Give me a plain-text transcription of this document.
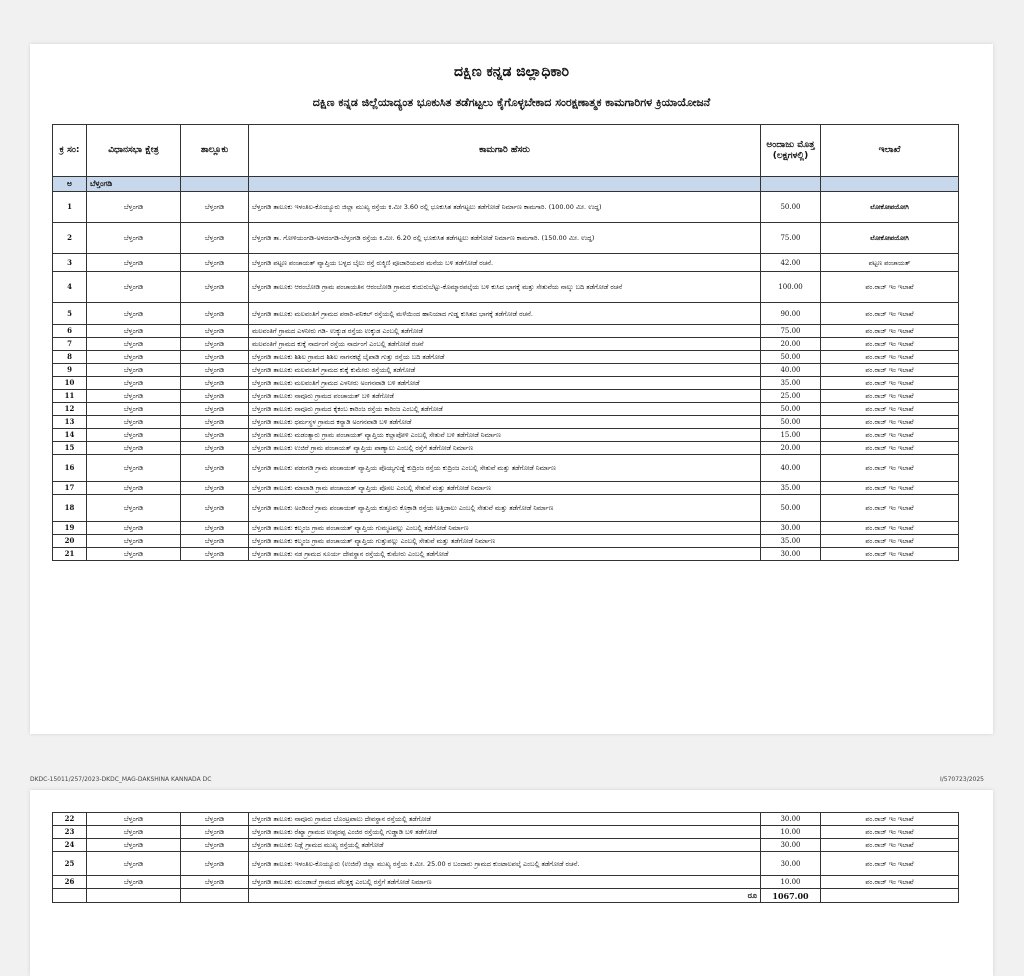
ದಕ್ಷಿಣ ಕನ್ನಡ ಜಿಲ್ಲಾಧಿಕಾರಿ
ದಕ್ಷಿಣ ಕನ್ನಡ ಜಿಲ್ಲೆಯಾದ್ಯಂತ ಭೂಕುಸಿತ ತಡೆಗಟ್ಟಲು ಕೈಗೊಳ್ಳಬೇಕಾದ ಸಂರಕ್ಷಣಾತ್ಮಕ ಕಾಮಗಾರಿಗಳ ಕ್ರಿಯಾಯೋಜನೆ
ಕ್ರ ಸಂ:	ವಿಧಾನಸಭಾ ಕ್ಷೇತ್ರ	ತಾಲ್ಲೂಕು	ಕಾಮಗಾರಿ ಹೆಸರು	ಅಂದಾಜು ಮೊತ್ತ (ಲಕ್ಷಗಳಲ್ಲಿ)	ಇಲಾಖೆ
ಅ	ಬೆಳ್ತಂಗಡಿ				
1	ಬೆಳ್ತಂಗಡಿ	ಬೆಳ್ತಂಗಡಿ	ಬೆಳ್ತಂಗಡಿ ತಾಲೂಕು ಇಳಂತಿಲ-ಕೊಯ್ಯೂರು ಜಿಲ್ಲಾ ಮುಖ್ಯ ರಸ್ತೆಯ ಕಿ.ಮೀ 3.60 ರಲ್ಲಿ ಭೂಕುಸಿತ ತಡೆಗಟ್ಟಲು ತಡೆಗೋಡೆ ನಿರ್ಮಾಣ ಕಾಮಗಾರಿ. (100.00 ಮೀ. ಉದ್ದ)	50.00	ಲೋಕೋಪಯೋಗಿ
2	ಬೆಳ್ತಂಗಡಿ	ಬೆಳ್ತಂಗಡಿ	ಬೆಳ್ತಂಗಡಿ ತಾ. ಗೋಳಿಯಂಗಡಿ-ಅಳದಂಗಡಿ-ಬೆಳ್ತಂಗಡಿ ರಸ್ತೆಯ ಕಿ.ಮೀ. 6.20 ರಲ್ಲಿ ಭೂಕುಸಿತ ತಡೆಗಟ್ಟಲು ತಡೆಗೋಡೆ ನಿರ್ಮಾಣ ಕಾಮಗಾರಿ. (150.00 ಮೀ. ಉದ್ದ)	75.00	ಲೋಕೋಪಯೋಗಿ
3	ಬೆಳ್ತಂಗಡಿ	ಬೆಳ್ತಂಗಡಿ	ಬೆಳ್ತಂಗಡಿ ಪಟ್ಟಣ ಪಂಚಾಯತ್ ವ್ಯಾಪ್ತಿಯ ಬಳ್ಳದ ಬೈಲು ರಸ್ತೆ ರುಕ್ಮಿಣಿ ಪೂಜಾರಿಯವರ ಮನೆಯ ಬಳಿ ತಡೆಗೋಡೆ ರಚನೆ.	42.00	ಪಟ್ಟಣ ಪಂಚಾಯತ್
4	ಬೆಳ್ತಂಗಡಿ	ಬೆಳ್ತಂಗಡಿ	ಬೆಳ್ತಂಗಡಿ ತಾಲೂಕು ಆರಂಬೋಡಿ ಗ್ರಾಮ ಪಂಚಾಯತಿನ ಆರಂಬೋಡಿ ಗ್ರಾಮದ ಕುದುರುಬೆಟ್ಟು-ಕೊಮ್ಮಾರಪಲ್ಕೆಯ ಬಳಿ ಕುಸಿದ ಭಾಗಕ್ಕೆ ಮತ್ತು ಸೇತುವೆಯ ನಾಲ್ಕು ಬದಿ ತಡೆಗೋಡೆ ರಚನೆ	100.00	ಪಂ.ರಾಜ್ ಇಂ ಇಲಾಖೆ
5	ಬೆಳ್ತಂಗಡಿ	ಬೆಳ್ತಂಗಡಿ	ಬೆಳ್ತಂಗಡಿ ತಾಲೂಕು ಮಲವಂತಿಗೆ ಗ್ರಾಮದ ಪರಾರಿ-ಪನಿಕಲ್ ರಸ್ತೆಯಲ್ಲಿ ಮಳೆಯಿಂದ ಹಾನಿಯಾದ ಗುಡ್ಡ ಕುಸಿತದ ಭಾಗಕ್ಕೆ ತಡೆಗೋಡೆ ರಚನೆ.	90.00	ಪಂ.ರಾಜ್ ಇಂ ಇಲಾಖೆ
6	ಬೆಳ್ತಂಗಡಿ	ಬೆಳ್ತಂಗಡಿ	ಮಲವಂತಿಗೆ ಗ್ರಾಮದ ಎಳನೀರು ಗಡಿ- ಉಕ್ಕುಡ ರಸ್ತೆಯ ಉಕ್ಕುಡ ಎಂಬಲ್ಲಿ ತಡೆಗೋಡೆ	75.00	ಪಂ.ರಾಜ್ ಇಂ ಇಲಾಖೆ
7	ಬೆಳ್ತಂಗಡಿ	ಬೆಳ್ತಂಗಡಿ	ಮಲವಂತಿಗೆ ಗ್ರಾಮದ ಕುಕ್ಕೆ ನಾರ್ದಂಗೆ ರಸ್ತೆಯ ನಾರ್ದಂಗೆ ಎಂಬಲ್ಲಿ ತಡೆಗೋಡೆ ರಚನೆ	20.00	ಪಂ.ರಾಜ್ ಇಂ ಇಲಾಖೆ
8	ಬೆಳ್ತಂಗಡಿ	ಬೆಳ್ತಂಗಡಿ	ಬೆಳ್ತಂಗಡಿ ತಾಲೂಕು ಶಿಶಿಲ ಗ್ರಾಮದ ಶಿಶಿಲ ನಾಗನಕಟ್ಟೆ ಬೈಪಾಡಿ ಗುತ್ತು ರಸ್ತೆಯ ಬದಿ ತಡೆಗೋಡೆ	50.00	ಪಂ.ರಾಜ್ ಇಂ ಇಲಾಖೆ
9	ಬೆಳ್ತಂಗಡಿ	ಬೆಳ್ತಂಗಡಿ	ಬೆಳ್ತಂಗಡಿ ತಾಲೂಕು ಮಲವಂತಿಗೆ ಗ್ರಾಮದ ಕುಕ್ಕೆ ಕುಮೇರು ರಸ್ತೆಯಲ್ಲಿ ತಡೆಗೋಡೆ	40.00	ಪಂ.ರಾಜ್ ಇಂ ಇಲಾಖೆ
10	ಬೆಳ್ತಂಗಡಿ	ಬೆಳ್ತಂಗಡಿ	ಬೆಳ್ತಂಗಡಿ ತಾಲೂಕು ಮಲವಂತಿಗೆ ಗ್ರಾಮದ ಎಳನೀರು ಅಂಗನವಾಡಿ ಬಳಿ ತಡೆಗೋಡೆ	35.00	ಪಂ.ರಾಜ್ ಇಂ ಇಲಾಖೆ
11	ಬೆಳ್ತಂಗಡಿ	ಬೆಳ್ತಂಗಡಿ	ಬೆಳ್ತಂಗಡಿ ತಾಲೂಕು ನಾವೂರು ಗ್ರಾಮದ ಪಂಚಾಯತ್ ಬಳಿ ತಡೆಗೋಡೆ	25.00	ಪಂ.ರಾಜ್ ಇಂ ಇಲಾಖೆ
12	ಬೆಳ್ತಂಗಡಿ	ಬೆಳ್ತಂಗಡಿ	ಬೆಳ್ತಂಗಡಿ ತಾಲೂಕು ನಾವೂರು ಗ್ರಾಮದ ಕೈಕಂಬ ಕಾರಿಂಜ ರಸ್ತೆಯ ಕಾರಿಂಜ ಎಂಬಲ್ಲಿ ತಡೆಗೋಡೆ	50.00	ಪಂ.ರಾಜ್ ಇಂ ಇಲಾಖೆ
13	ಬೆಳ್ತಂಗಡಿ	ಬೆಳ್ತಂಗಡಿ	ಬೆಳ್ತಂಗಡಿ ತಾಲೂಕು ಧರ್ಮಸ್ಥಳ ಗ್ರಾಮದ ಕನ್ಯಾಡಿ ಅಂಗನವಾಡಿ ಬಳಿ ತಡೆಗೋಡೆ	50.00	ಪಂ.ರಾಜ್ ಇಂ ಇಲಾಖೆ
14	ಬೆಳ್ತಂಗಡಿ	ಬೆಳ್ತಂಗಡಿ	ಬೆಳ್ತಂಗಡಿ ತಾಲೂಕು ಮಡಂತ್ಯಾರು ಗ್ರಾಮ ಪಂಚಾಯತ್ ವ್ಯಾಪ್ತಿಯ ಕಲ್ಲಾಪೋಳಿ ಎಂಬಲ್ಲಿ ಸೇತುವೆ ಬಳಿ ತಡೆಗೋಡೆ ನಿರ್ಮಾಣ	15.00	ಪಂ.ರಾಜ್ ಇಂ ಇಲಾಖೆ
15	ಬೆಳ್ತಂಗಡಿ	ಬೆಳ್ತಂಗಡಿ	ಬೆಳ್ತಂಗಡಿ ತಾಲೂಕು ಉಜಿರೆ ಗ್ರಾಮ ಪಂಚಾಯತ್ ವ್ಯಾಪ್ತಿಯ ಪಾಣ್ಯಾಲು ಎಂಬಲ್ಲಿ ರಸ್ತೆಗೆ ತಡೆಗೋಡೆ ನಿರ್ಮಾಣ	20.00	ಪಂ.ರಾಜ್ ಇಂ ಇಲಾಖೆ
16	ಬೆಳ್ತಂಗಡಿ	ಬೆಳ್ತಂಗಡಿ	ಬೆಳ್ತಂಗಡಿ ತಾಲೂಕು ಪಡಂಗಡಿ ಗ್ರಾಮ ಪಂಚಾಯತ್ ವ್ಯಾಪ್ತಿಯ ಪೊಯ್ಯಗುಡ್ಡೆ ಕುದ್ರಿಂಜ ರಸ್ತೆಯ ಕುದ್ರಿಂಜ ಎಂಬಲ್ಲಿ ಸೇತುವೆ ಮತ್ತು ತಡೆಗೋಡೆ ನಿರ್ಮಾಣ	40.00	ಪಂ.ರಾಜ್ ಇಂ ಇಲಾಖೆ
17	ಬೆಳ್ತಂಗಡಿ	ಬೆಳ್ತಂಗಡಿ	ಬೆಳ್ತಂಗಡಿ ತಾಲೂಕು ಮಾಲಾಡಿ ಗ್ರಾಮ ಪಂಚಾಯತ್ ವ್ಯಾಪ್ತಿಯ ಪೊಸಲ ಎಂಬಲ್ಲಿ ಸೇತುವೆ ಮತ್ತು ತಡೆಗೋಡೆ ನಿರ್ಮಾಣ	35.00	ಪಂ.ರಾಜ್ ಇಂ ಇಲಾಖೆ
18	ಬೆಳ್ತಂಗಡಿ	ಬೆಳ್ತಂಗಡಿ	ಬೆಳ್ತಂಗಡಿ ತಾಲೂಕು ಅಂಡಿಂಜೆ ಗ್ರಾಮ ಪಂಚಾಯತ್ ವ್ಯಾಪ್ತಿಯ ಕುತ್ತೂರು ಕೊಕ್ರಾಡಿ ರಸ್ತೆಯ ಅತ್ತಿಜಾಲು ಎಂಬಲ್ಲಿ ಸೇತುವೆ ಮತ್ತು ತಡೆಗೋಡೆ ನಿರ್ಮಾಣ	50.00	ಪಂ.ರಾಜ್ ಇಂ ಇಲಾಖೆ
19	ಬೆಳ್ತಂಗಡಿ	ಬೆಳ್ತಂಗಡಿ	ಬೆಳ್ತಂಗಡಿ ತಾಲೂಕು ಕಲ್ಮಂಜ ಗ್ರಾಮ ಪಂಚಾಯತ್ ವ್ಯಾಪ್ತಿಯ ಗುಮ್ಮಟಪಲ್ಲು ಎಂಬಲ್ಲಿ ತಡೆಗೋಡೆ ನಿರ್ಮಾಣ	30.00	ಪಂ.ರಾಜ್ ಇಂ ಇಲಾಖೆ
20	ಬೆಳ್ತಂಗಡಿ	ಬೆಳ್ತಂಗಡಿ	ಬೆಳ್ತಂಗಡಿ ತಾಲೂಕು ಕಲ್ಮಂಜ ಗ್ರಾಮ ಪಂಚಾಯತ್ ವ್ಯಾಪ್ತಿಯ ಗುತ್ತುಪಲ್ಲು ಎಂಬಲ್ಲಿ ಸೇತುವೆ ಮತ್ತು ತಡೆಗೋಡೆ ನಿರ್ಮಾಣ	35.00	ಪಂ.ರಾಜ್ ಇಂ ಇಲಾಖೆ
21	ಬೆಳ್ತಂಗಡಿ	ಬೆಳ್ತಂಗಡಿ	ಬೆಳ್ತಂಗಡಿ ತಾಲೂಕು ನಡ ಗ್ರಾಮದ ಸೂರ್ಯ ದೇವಸ್ಥಾನ ರಸ್ತೆಯಲ್ಲಿ ಕುಮೇರು ಎಂಬಲ್ಲಿ ತಡೆಗೋಡೆ	30.00	ಪಂ.ರಾಜ್ ಇಂ ಇಲಾಖೆ
DKDC-15011/257/2023-DKDC_MAG-DAKSHINA KANNADA DC	I/570723/2025
22	ಬೆಳ್ತಂಗಡಿ	ಬೆಳ್ತಂಗಡಿ	ಬೆಳ್ತಂಗಡಿ ತಾಲೂಕು ನಾವೂರು ಗ್ರಾಮದ ಬೊಂಟ್ರಪಾಲು ದೇವಸ್ಥಾನ ರಸ್ತೆಯಲ್ಲಿ ತಡೆಗೋಡೆ	30.00	ಪಂ.ರಾಜ್ ಇಂ ಇಲಾಖೆ
23	ಬೆಳ್ತಂಗಡಿ	ಬೆಳ್ತಂಗಡಿ	ಬೆಳ್ತಂಗಡಿ ತಾಲೂಕು ರೆಖ್ಯಾ ಗ್ರಾಮದ ಉಪ್ಪರಪ್ಪ ಎಂಜಿರ ರಸ್ತೆಯಲ್ಲಿ ಗುಡ್ಡಾಡಿ ಬಳಿ ತಡೆಗೋಡೆ	10.00	ಪಂ.ರಾಜ್ ಇಂ ಇಲಾಖೆ
24	ಬೆಳ್ತಂಗಡಿ	ಬೆಳ್ತಂಗಡಿ	ಬೆಳ್ತಂಗಡಿ ತಾಲೂಕು ನಿಡ್ಲೆ ಗ್ರಾಮದ ಮುಖ್ಯ ರಸ್ತೆಯಲ್ಲಿ ತಡೆಗೋಡೆ	30.00	ಪಂ.ರಾಜ್ ಇಂ ಇಲಾಖೆ
25	ಬೆಳ್ತಂಗಡಿ	ಬೆಳ್ತಂಗಡಿ	ಬೆಳ್ತಂಗಡಿ ತಾಲೂಕು ಇಳಂತಿಲ-ಕೊಯ್ಯೂರು (ಉಜಿರೆ) ಜಿಲ್ಲಾ ಮುಖ್ಯ ರಸ್ತೆಯ ಕಿ.ಮೀ. 25.00 ರ ಬಂದಾರು ಗ್ರಾಮದ ಕುಂಟಾಲಪಲ್ಕೆ ಎಂಬಲ್ಲಿ ತಡೆಗೋಡೆ ರಚನೆ.	30.00	ಪಂ.ರಾಜ್ ಇಂ ಇಲಾಖೆ
26	ಬೆಳ್ತಂಗಡಿ	ಬೆಳ್ತಂಗಡಿ	ಬೆಳ್ತಂಗಡಿ ತಾಲೂಕು ಮುಂಡಾಜೆ ಗ್ರಾಮದ ಪೆಲತ್ತಕ್ಕ ಎಂಬಲ್ಲಿ ರಸ್ತೆಗೆ ತಡೆಗೋಡೆ ನಿರ್ಮಾಣ	10.00	ಪಂ.ರಾಜ್ ಇಂ ಇಲಾಖೆ
			ರೂ	1067.00	
